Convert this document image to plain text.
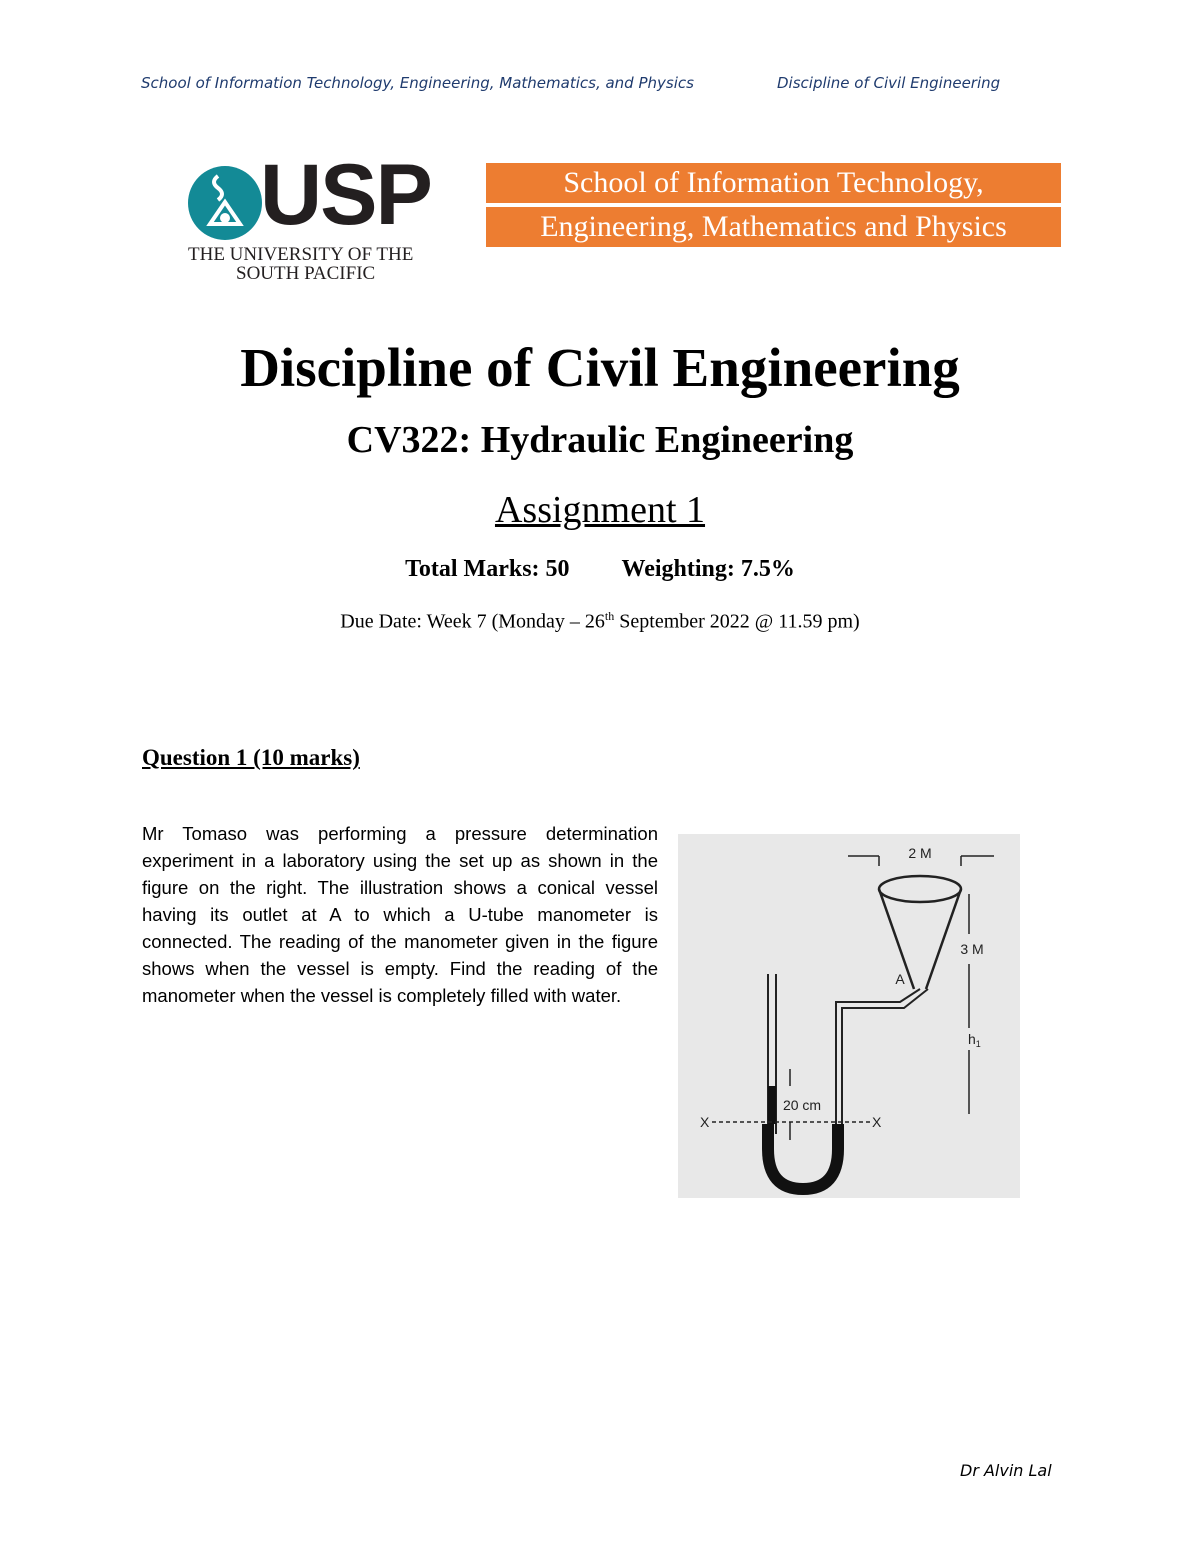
School of Information Technology, Engineering, Mathematics, and Physics	Discipline of Civil Engineering
USP
THE UNIVERSITY OF THE
SOUTH PACIFIC
School of Information Technology,
Engineering, Mathematics and Physics
Discipline of Civil Engineering
CV322: Hydraulic Engineering
Assignment 1
Total Marks: 50 Weighting: 7.5%
Due Date: Week 7 (Monday – 26th September 2022 @ 11.59 pm)
Question 1 (10 marks)

Mr Tomaso was performing a pressure determination experiment in a laboratory using the set up as shown in the figure on the right. The illustration shows a conical vessel having its outlet at A to which a U-tube manometer is connected. The reading of the manometer given in the figure shows when the vessel is empty. Find the reading of the manometer when the vessel is completely filled with water.

2 M
3 M
A
$h_1$
20 cm
X	X
Dr Alvin Lal
